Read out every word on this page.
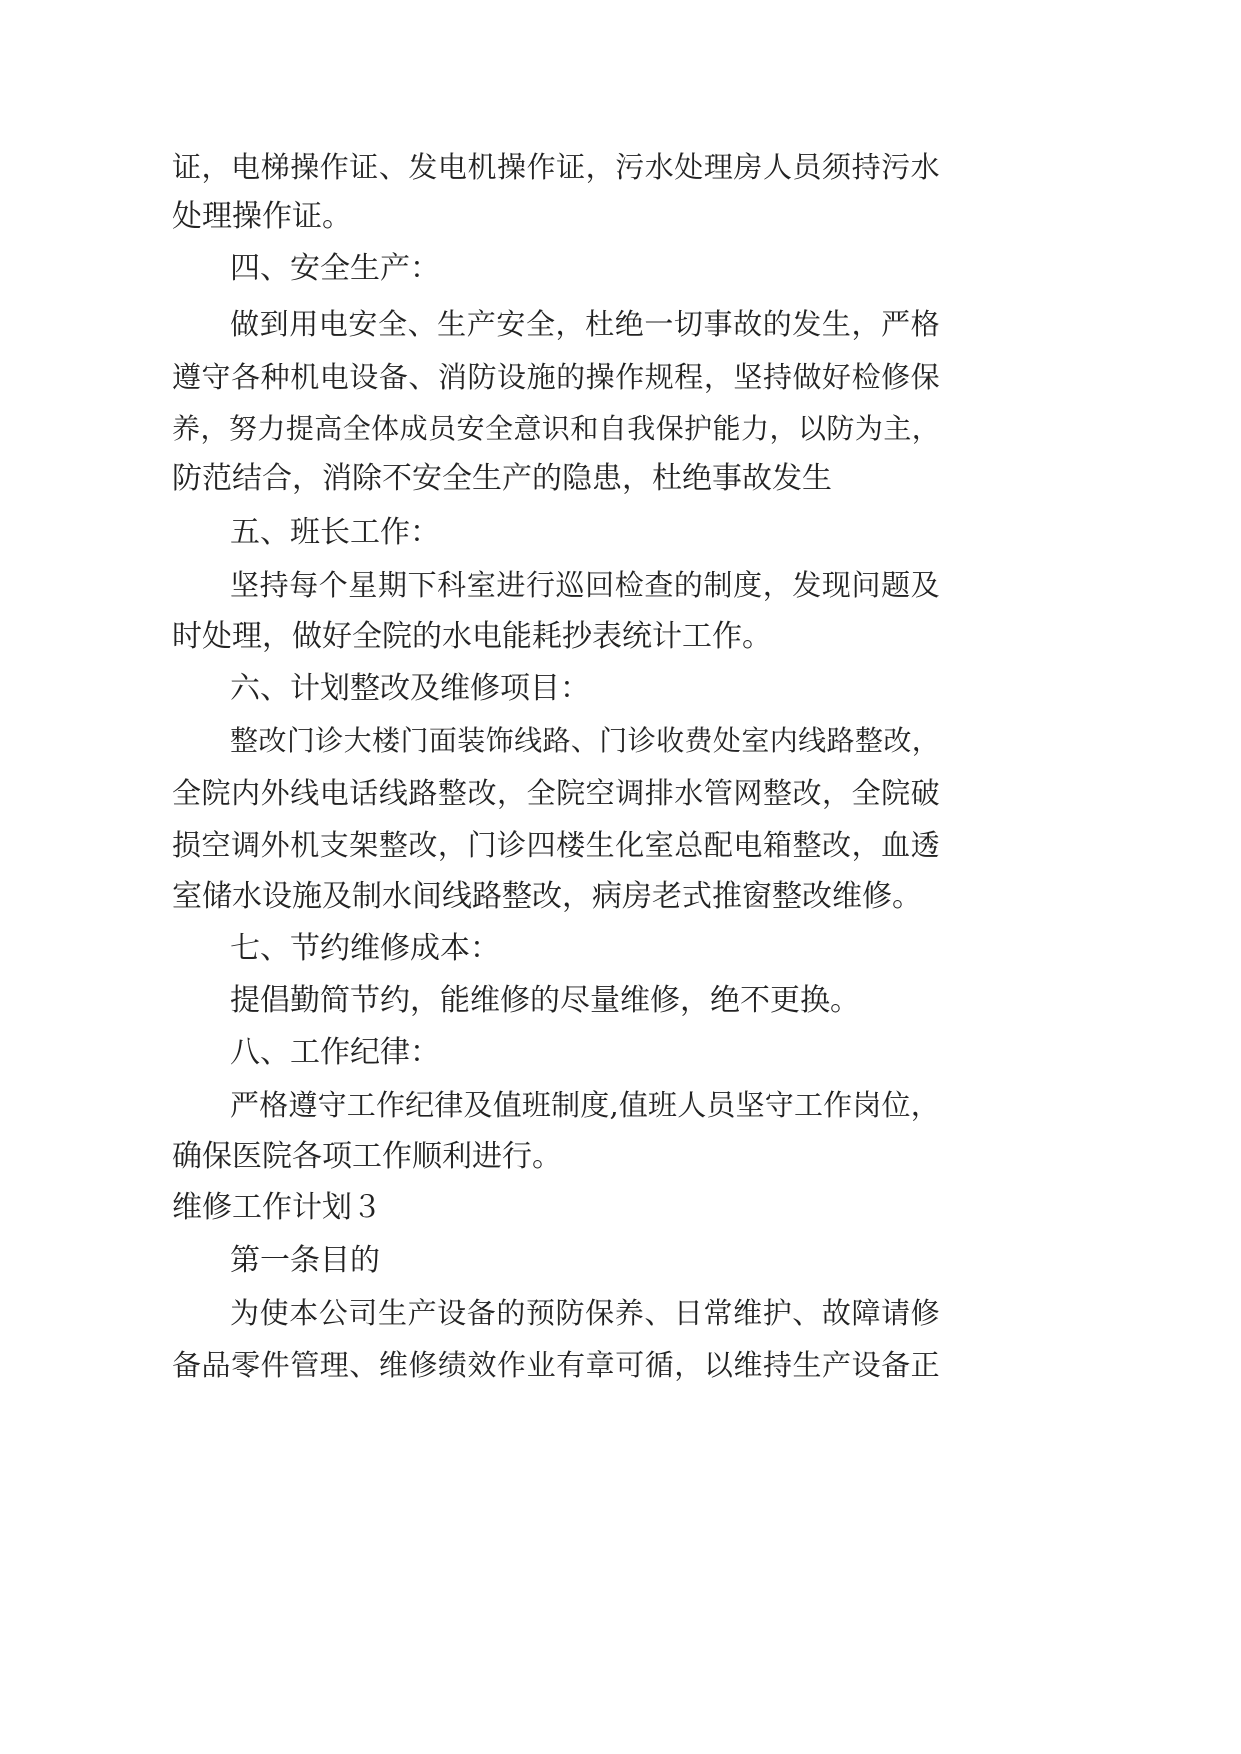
证 ， 电 梯 操 作 证 、 发 电 机 操 作 证 ， 污 水 处 理 房 人 员 须 持 污 水
处理操作证。
四、安全生产：
做 到 用 电 安 全 、 生 产 安 全 ， 杜 绝 一 切 事 故 的 发 生 ， 严 格
遵 守 各 种 机 电 设 备 、 消 防 设 施 的 操 作 规 程 ， 坚 持 做 好 检 修 保
养 ， 努 力 提 高 全 体 成 员 安 全 意 识 和 自 我 保 护 能 力 ， 以 防 为 主 ，
防范结合，消除不安全生产的隐患，杜绝事故发生
五、班长工作：
坚 持 每 个 星 期 下 科 室 进 行 巡 回 检 查 的 制 度 ， 发 现 问 题 及
时处理，做好全院的水电能耗抄表统计工作。
六、计划整改及维修项目：
整 改 门 诊 大 楼 门 面 装 饰 线 路 、 门 诊 收 费 处 室 内 线 路 整 改 ，
全 院 内 外 线 电 话 线 路 整 改 ， 全 院 空 调 排 水 管 网 整 改 ， 全 院 破
损 空 调 外 机 支 架 整 改 ， 门 诊 四 楼 生 化 室 总 配 电 箱 整 改 ， 血 透
室储水设施及制水间线路整改，病房老式推窗整改维修。
七、节约维修成本：
提倡勤简节约，能维修的尽量维修，绝不更换。
八、工作纪律：
严 格 遵 守 工 作 纪 律 及 值 班 制 度 , 值 班 人 员 坚 守 工 作 岗 位 ，
确保医院各项工作顺利进行。
维修工作计划３
第一条目的
为 使 本 公 司 生 产 设 备 的 预 防 保 养 、 日 常 维 护 、 故 障 请 修
备 品 零 件 管 理 、 维 修 绩 效 作 业 有 章 可 循 ， 以 维 持 生 产 设 备 正
